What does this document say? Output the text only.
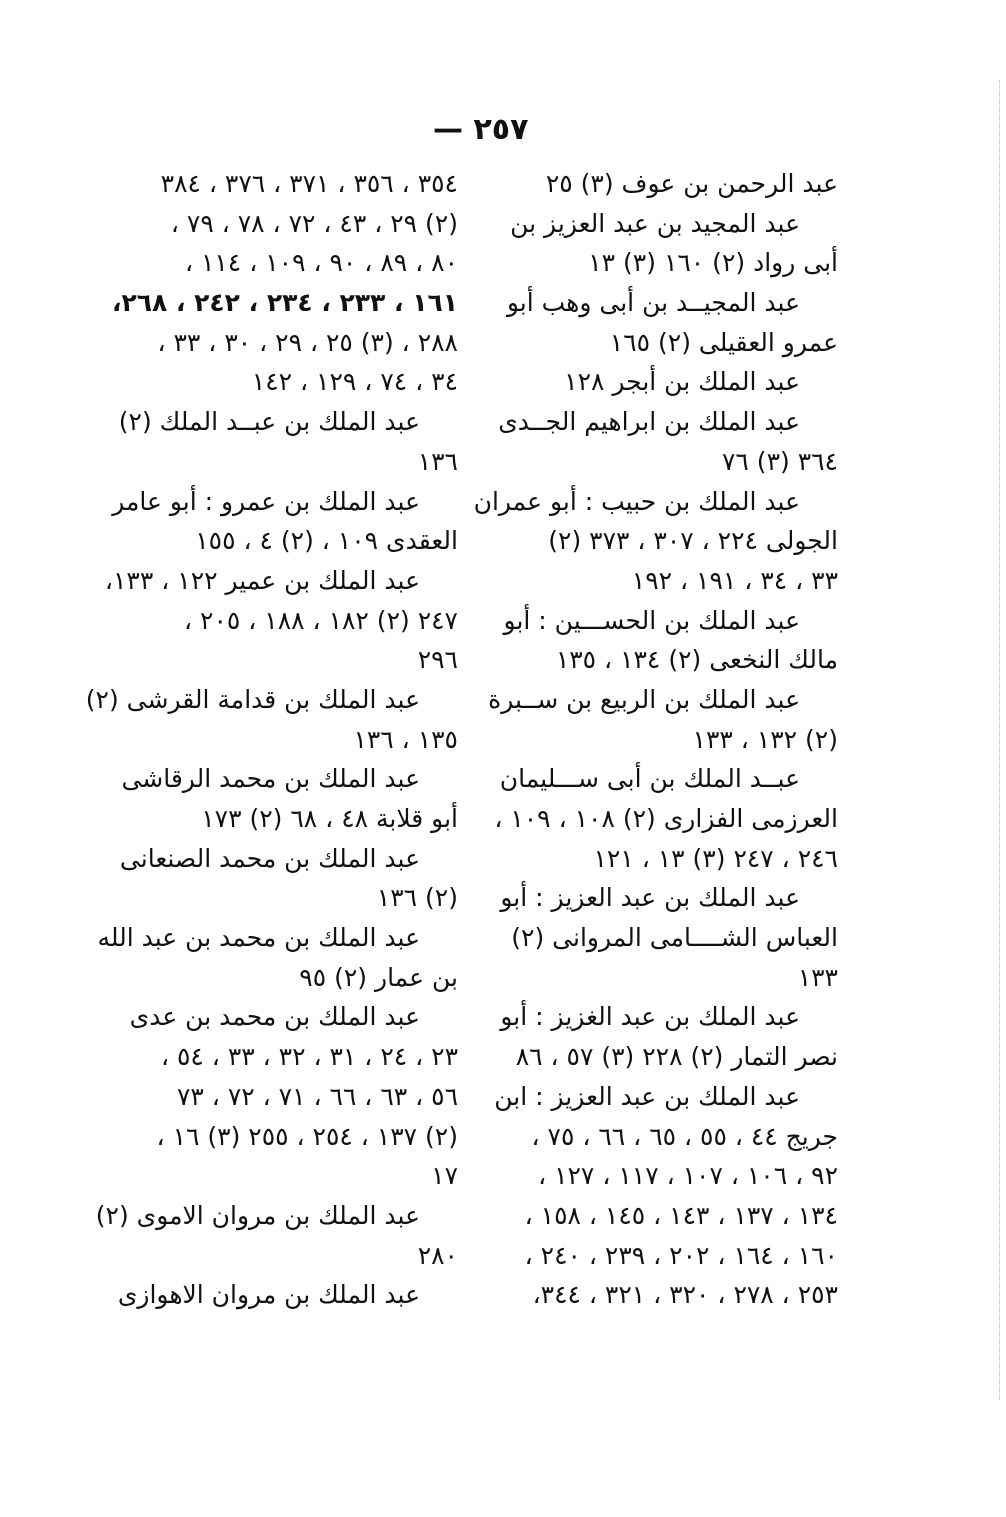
— ٢٥٧
عبد الرحمن بن عوف (٣) ٢٥
عبد المجيد بن عبد العزيز بن
أبى رواد (٢) ١٦٠ (٣) ١٣
عبد المجيــد بن أبى وهب أبو
عمرو العقيلى (٢) ١٦٥
عبد الملك بن أبجر ١٢٨
عبد الملك بن ابراهيم الجــدى
٣٦٤ (٣) ٧٦
عبد الملك بن حبيب : أبو عمران
الجولى ٢٢٤ ، ٣٠٧ ، ٣٧٣ (٢)
٣٣ ، ٣٤ ، ١٩١ ، ١٩٢
عبد الملك بن الحســـين : أبو
مالك النخعى (٢) ١٣٤ ، ١٣٥
عبد الملك بن الربيع بن ســبرة
(٢) ١٣٢ ، ١٣٣
عبــد الملك بن أبى ســـليمان
العرزمى الفزارى (٢) ١٠٨ ، ١٠٩ ،
٢٤٦ ، ٢٤٧ (٣) ١٣ ، ١٢١
عبد الملك بن عبد العزيز : أبو
العباس الشــــامى المروانى (٢)
١٣٣
عبد الملك بن عبد الغزيز : أبو
نصر التمار (٢) ٢٢٨ (٣) ٥٧ ، ٨٦
عبد الملك بن عبد العزيز : ابن
جريج ٤٤ ، ٥٥ ، ٦٥ ، ٦٦ ، ٧٥ ،
٩٢ ، ١٠٦ ، ١٠٧ ، ١١٧ ، ١٢٧ ،
١٣٤ ، ١٣٧ ، ١٤٣ ، ١٤٥ ، ١٥٨ ،
١٦٠ ، ١٦٤ ، ٢٠٢ ، ٢٣٩ ، ٢٤٠ ،
٢٥٣ ، ٢٧٨ ، ٣٢٠ ، ٣٢١ ، ٣٤٤،
٣٥٤ ، ٣٥٦ ، ٣٧١ ، ٣٧٦ ، ٣٨٤
(٢) ٢٩ ، ٤٣ ، ٧٢ ، ٧٨ ، ٧٩ ،
٨٠ ، ٨٩ ، ٩٠ ، ١٠٩ ، ١١٤ ،
١٦١ ، ٢٣٣ ، ٢٣٤ ، ٢٤٢ ، ٢٦٨،
٢٨٨ ، (٣) ٢٥ ، ٢٩ ، ٣٠ ، ٣٣ ،
٣٤ ، ٧٤ ، ١٢٩ ، ١٤٢
عبد الملك بن عبــد الملك (٢)
١٣٦
عبد الملك بن عمرو : أبو عامر
العقدى ١٠٩ ، (٢) ٤ ، ١٥٥
عبد الملك بن عمير ١٢٢ ، ١٣٣،
٢٤٧ (٢) ١٨٢ ، ١٨٨ ، ٢٠٥ ،
٢٩٦
عبد الملك بن قدامة القرشى (٢)
١٣٥ ، ١٣٦
عبد الملك بن محمد الرقاشى
أبو قلابة ٤٨ ، ٦٨ (٢) ١٧٣
عبد الملك بن محمد الصنعانى
(٢) ١٣٦
عبد الملك بن محمد بن عبد الله
بن عمار (٢) ٩٥
عبد الملك بن محمد بن عدى
٢٣ ، ٢٤ ، ٣١ ، ٣٢ ، ٣٣ ، ٥٤ ،
٥٦ ، ٦٣ ، ٦٦ ، ٧١ ، ٧٢ ، ٧٣
(٢) ١٣٧ ، ٢٥٤ ، ٢٥٥ (٣) ١٦ ،
١٧
عبد الملك بن مروان الاموى (٢)
٢٨٠
عبد الملك بن مروان الاهوازى
